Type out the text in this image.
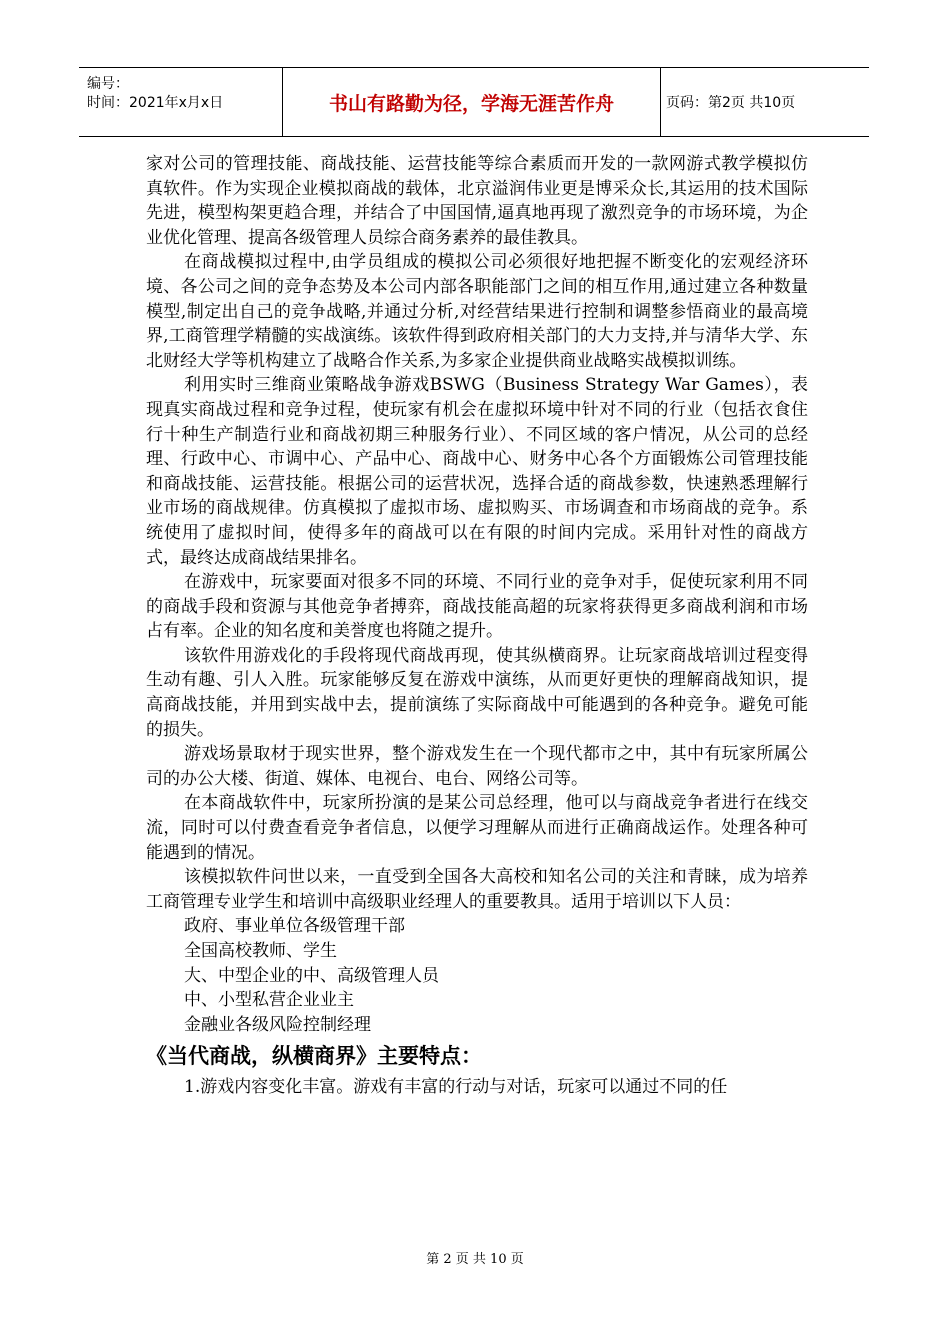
编号：
时间：2021年x月x日	书山有路勤为径，学海无涯苦作舟	页码：第2页 共10页

家对公司的管理技能、商战技能、运营技能等综合素质而开发的一款网游式教学模拟仿真软件。作为实现企业模拟商战的载体，北京溢润伟业更是博采众长,其运用的技术国际先进，模型构架更趋合理，并结合了中国国情,逼真地再现了激烈竞争的市场环境，为企业优化管理、提高各级管理人员综合商务素养的最佳教具。

在商战模拟过程中,由学员组成的模拟公司必须很好地把握不断变化的宏观经济环境、各公司之间的竞争态势及本公司内部各职能部门之间的相互作用,通过建立各种数量模型,制定出自己的竞争战略,并通过分析,对经营结果进行控制和调整参悟商业的最高境界,工商管理学精髓的实战演练。该软件得到政府相关部门的大力支持,并与清华大学、东北财经大学等机构建立了战略合作关系,为多家企业提供商业战略实战模拟训练。

利用实时三维商业策略战争游戏BSWG（Business Strategy War Games），表现真实商战过程和竞争过程，使玩家有机会在虚拟环境中针对不同的行业（包括衣食住行十种生产制造行业和商战初期三种服务行业）、不同区域的客户情况，从公司的总经理、行政中心、市调中心、产品中心、商战中心、财务中心各个方面锻炼公司管理技能和商战技能、运营技能。根据公司的运营状况，选择合适的商战参数，快速熟悉理解行业市场的商战规律。仿真模拟了虚拟市场、虚拟购买、市场调查和市场商战的竞争。系统使用了虚拟时间，使得多年的商战可以在有限的时间内完成。采用针对性的商战方式，最终达成商战结果排名。

在游戏中，玩家要面对很多不同的环境、不同行业的竞争对手，促使玩家利用不同的商战手段和资源与其他竞争者搏弈，商战技能高超的玩家将获得更多商战利润和市场占有率。企业的知名度和美誉度也将随之提升。

该软件用游戏化的手段将现代商战再现，使其纵横商界。让玩家商战培训过程变得生动有趣、引人入胜。玩家能够反复在游戏中演练，从而更好更快的理解商战知识，提高商战技能，并用到实战中去，提前演练了实际商战中可能遇到的各种竞争。避免可能的损失。

游戏场景取材于现实世界，整个游戏发生在一个现代都市之中，其中有玩家所属公司的办公大楼、街道、媒体、电视台、电台、网络公司等。

在本商战软件中，玩家所扮演的是某公司总经理，他可以与商战竞争者进行在线交流，同时可以付费查看竞争者信息，以便学习理解从而进行正确商战运作。处理各种可能遇到的情况。

该模拟软件问世以来，一直受到全国各大高校和知名公司的关注和青睐，成为培养工商管理专业学生和培训中高级职业经理人的重要教具。适用于培训以下人员：

政府、事业单位各级管理干部

全国高校教师、学生

大、中型企业的中、高级管理人员

中、小型私营企业业主

金融业各级风险控制经理

《当代商战，纵横商界》主要特点：

1.游戏内容变化丰富。游戏有丰富的行动与对话，玩家可以通过不同的任

第 2 页 共 10 页
